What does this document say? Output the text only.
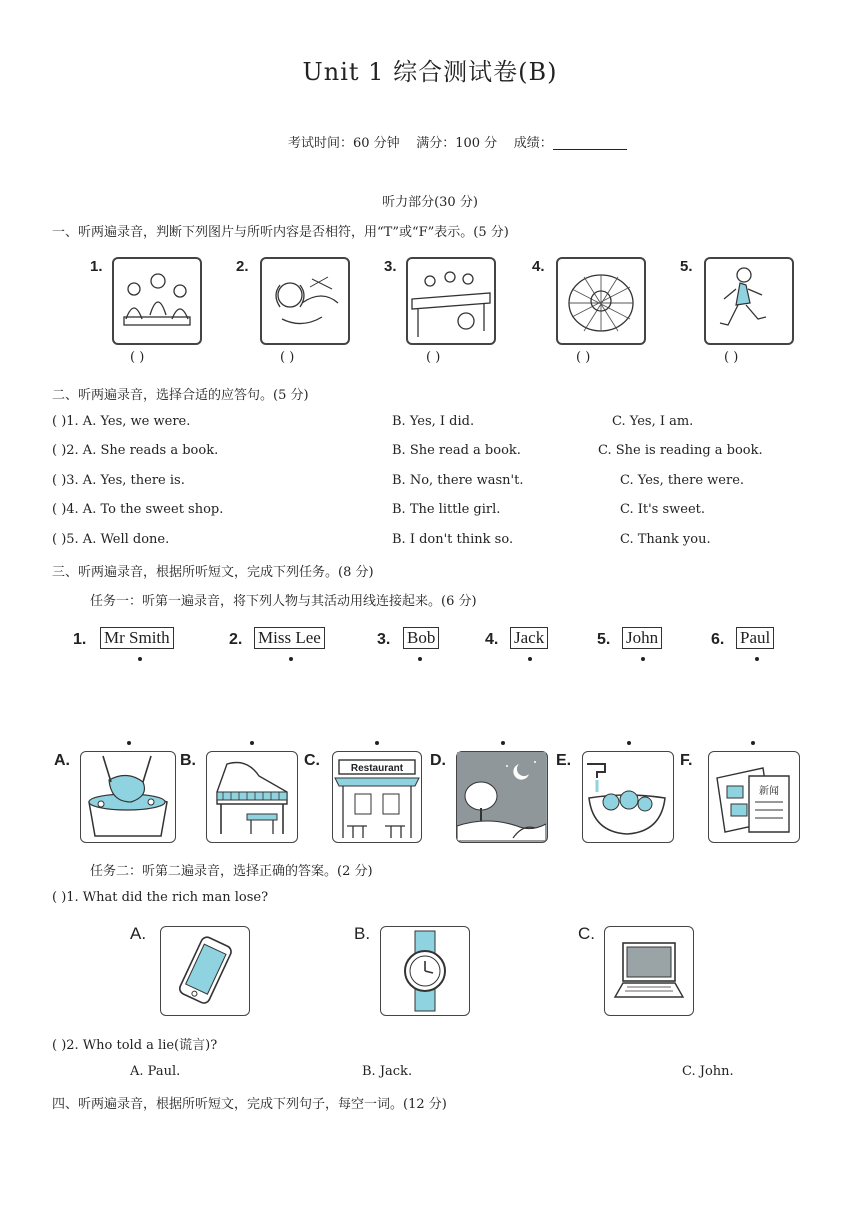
Unit 1 综合测试卷(B)
考试时间：60 分钟 满分：100 分 成绩：
听力部分(30 分)
一、听两遍录音，判断下列图片与所听内容是否相符，用“T”或“F”表示。(5 分)
1.
( )
2.
( )
3.
( )
4.
( )
5.
( )
二、听两遍录音，选择合适的应答句。(5 分)
( )1. A. Yes, we were.	B. Yes, I did.	C. Yes, I am.
( )2. A. She reads a book.	B. She read a book.	C. She is reading a book.
( )3. A. Yes, there is.	B. No, there wasn't.	C. Yes, there were.
( )4. A. To the sweet shop.	B. The little girl.	C. It's sweet.
( )5. A. Well done.	B. I don't think so.	C. Thank you.
三、听两遍录音，根据所听短文，完成下列任务。(8 分)
任务一：听第一遍录音，将下列人物与其活动用线连接起来。(6 分)
1. Mr Smith	2. Miss Lee	3. Bob	4. Jack	5. John	6. Paul
A.	B.	C.	Restaurant D.	E.	F.
新闻
任务二：听第二遍录音，选择正确的答案。(2 分)
( )1. What did the rich man lose?
A.	B.	C.
( )2. Who told a lie(谎言)?
A. Paul.	B. Jack.	C. John.
四、听两遍录音，根据所听短文，完成下列句子，每空一词。(12 分)
